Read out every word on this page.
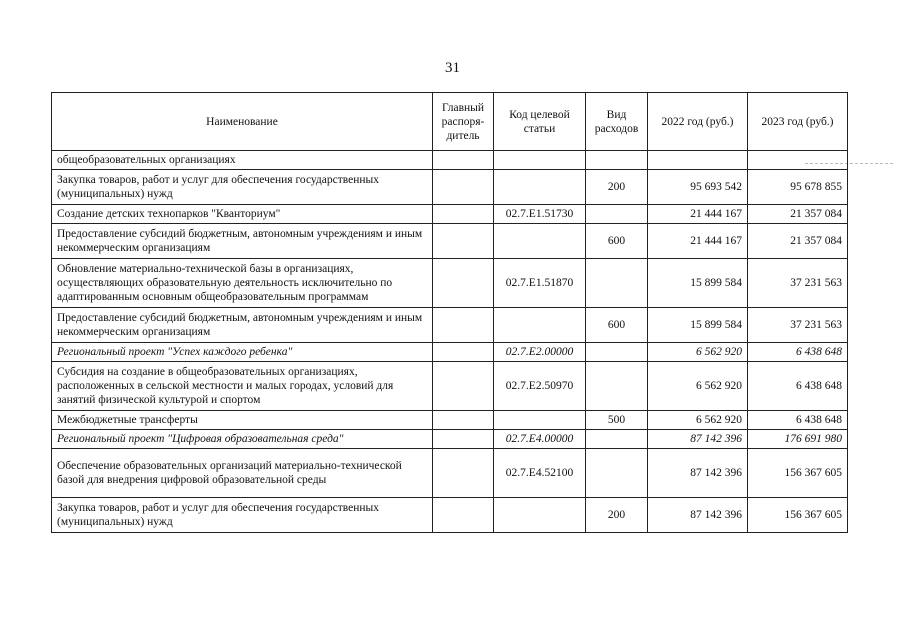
31
Наименование	Главный распоря-дитель	Код целевой статьи	Вид расходов	2022 год (руб.)	2023 год (руб.)
общеобразовательных организациях					
Закупка товаров, работ и услуг для обеспечения государственных (муниципальных) нужд			200	95 693 542	95 678 855
Создание детских технопарков "Кванториум"		02.7.E1.51730		21 444 167	21 357 084
Предоставление субсидий бюджетным, автономным учреждениям и иным некоммерческим организациям			600	21 444 167	21 357 084
Обновление материально-технической базы в организациях, осуществляющих образовательную деятельность исключительно по адаптированным основным общеобразовательным программам		02.7.E1.51870		15 899 584	37 231 563
Предоставление субсидий бюджетным, автономным учреждениям и иным некоммерческим организациям			600	15 899 584	37 231 563
Региональный проект "Успех каждого ребенка"		02.7.E2.00000		6 562 920	6 438 648
Субсидия на создание в общеобразовательных организациях, расположенных в сельской местности и малых городах, условий для занятий физической культурой и спортом		02.7.E2.50970		6 562 920	6 438 648
Межбюджетные трансферты			500	6 562 920	6 438 648
Региональный проект "Цифровая образовательная среда"		02.7.E4.00000		87 142 396	176 691 980
Обеспечение образовательных организаций материально-технической базой для внедрения цифровой образовательной среды		02.7.E4.52100		87 142 396	156 367 605
Закупка товаров, работ и услуг для обеспечения государственных (муниципальных) нужд			200	87 142 396	156 367 605
